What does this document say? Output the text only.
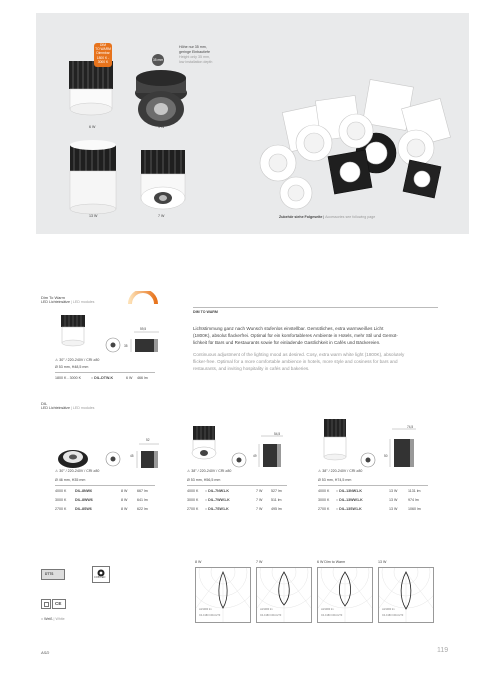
DIM
TO WARM
Dimmbar
1800 K -
3000 K	35 mm
Höhe nur 35 mm,
geringe Einbautiefe
Height only 35 mm,
low installation depth
6 W	9 W
13 W	7 W	Zubehör siehe Folgeseite | Accessories see following page
Dim To Warm
LED Lichteinsätze | LED modules
DIM TO WARM
Lichtstimmung ganz nach Wunsch stufenlos einstellbar. Gemütliches, extra warmweißes Licht
(1800K), absolut flackerfrei. Optimal für ein komfortableres Ambiente in Hotels, mehr Stil und Gemüt-
lichkeit für Bars und Restaurants sowie für einladende Gastlichkeit in Cafés und Bäckereien.
Continuous adjustment of the lighting mood as desired. Cosy, extra warm white light (1800K), absolutely
flicker-free. Optimal for a more comfortable ambience in hotels, more style and cosiness for bars and
restaurants, and inviting hospitality in cafés and bakeries.
59,5
35
⚠ 30° / 220-240V / CRI ≥80
Ø 53 mm, H48,5 mm
1800 K - 3000 K	○ DIL-DTW-K	6 W 466 lm
DIL
LED Lichteinsätze | LED modules
52
45
⚠ 30° / 220-240V / CRI ≥80
Ø 46 mm, H35 mm
4000 K DIL-8NW6	8 W	667 lm
3000 K DIL-8WW6	8 W	641 lm
2700 K DIL-8SW6	8 W	622 lm
54,5
49
⚠ 38° / 220-240V / CRI ≥80
Ø 53 mm, H56,5 mm
4000 K ○ DIL-7NW1-K	7 W 527 lm
3000 K ○ DIL-7WW1-K	7 W 511 lm
2700 K ○ DIL-7SW1-K	7 W 495 lm
74,5
50
⚠ 38° / 220-240V / CRI ≥80
Ø 53 mm, H74,5 mm
4000 K ○ DIL-13NW1-K	13 W	1131 lm
3000 K ○ DIL-13WW1-K	13 W	974 lm
2700 K ○ DIL-13SW1-K	13 W	1060 lm
DTTS
COB LED
CE
○ Weiß | White
8 W	7 W	6 W Dim to Warm	13 W
cd/1000 lm	cd/1000 lm	cd/1000 lm	cd/1000 lm
C0-C180 C90-C270	C0-C180 C90-C270	C0-C180 C90-C270	C0-C180 C90-C270
ASD	119
